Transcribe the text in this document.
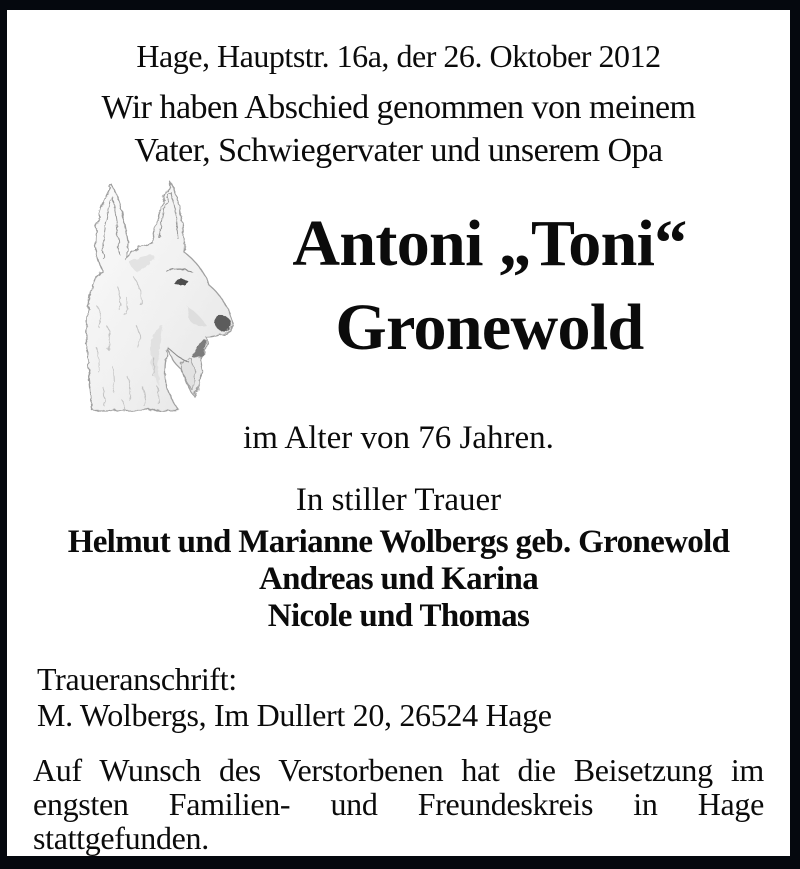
Hage, Hauptstr. 16a, der 26. Oktober 2012

Wir haben Abschied genommen von meinem
Vater, Schwiegervater und unserem Opa

Antoni „Toni“
Gronewold

im Alter von 76 Jahren.

In stiller Trauer

Helmut und Marianne Wolbergs geb. Gronewold
Andreas und Karina
Nicole und Thomas
Traueranschrift:
M. Wolbergs, Im Dullert 20, 26524 Hage

Auf Wunsch des Verstorbenen hat die Beisetzung im engsten Familien- und Freundeskreis in Hage stattgefunden.
